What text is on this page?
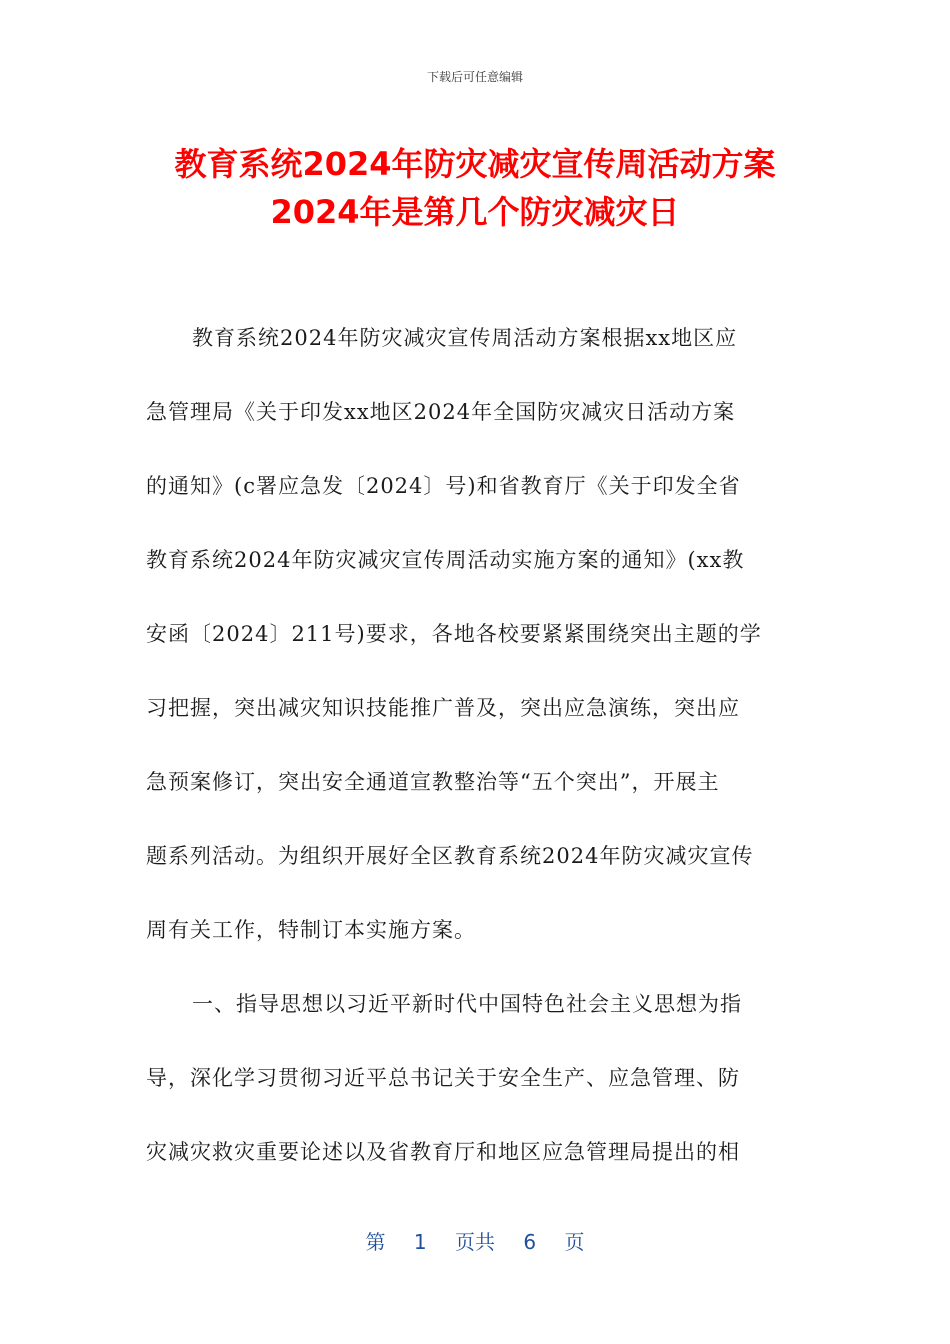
下载后可任意编辑
教育系统2024年防灾减灾宣传周活动方案
2024年是第几个防灾减灾日
教育系统2024年防灾减灾宣传周活动方案根据xx地区应
急管理局《关于印发xx地区2024年全国防灾减灾日活动方案
的通知》(c署应急发〔2024〕号)和省教育厅《关于印发全省
教育系统2024年防灾减灾宣传周活动实施方案的通知》(xx教
安函〔2024〕211号)要求，各地各校要紧紧围绕突出主题的学
习把握，突出减灾知识技能推广普及，突出应急演练，突出应
急预案修订，突出安全通道宣教整治等“五个突出”，开展主
题系列活动。为组织开展好全区教育系统2024年防灾减灾宣传
周有关工作，特制订本实施方案。
一、指导思想以习近平新时代中国特色社会主义思想为指
导，深化学习贯彻习近平总书记关于安全生产、应急管理、防
灾减灾救灾重要论述以及省教育厅和地区应急管理局提出的相
第 1 页共 6 页
